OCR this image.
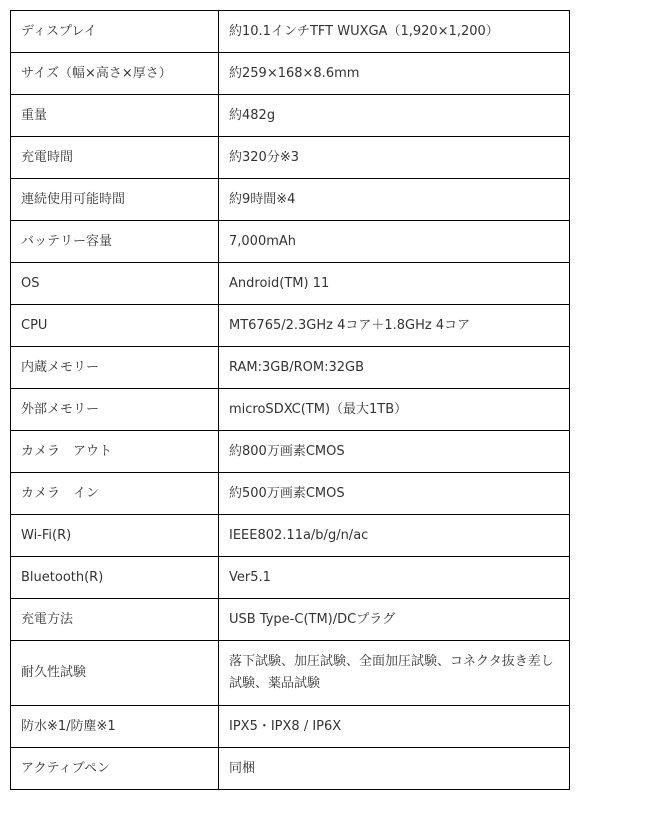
ディスプレイ	約10.1インチTFT WUXGA（1,920×1,200）
サイズ（幅×高さ×厚さ）	約259×168×8.6mm
重量	約482g
充電時間	約320分※3
連続使用可能時間	約9時間※4
バッテリー容量	7,000mAh
OS	Android(TM) 11
CPU	MT6765/2.3GHz 4コア＋1.8GHz 4コア
内蔵メモリー	RAM:3GB/ROM:32GB
外部メモリー	microSDXC(TM)（最大1TB）
カメラ　アウト	約800万画素CMOS
カメラ　イン	約500万画素CMOS
Wi-Fi(R)	IEEE802.11a/b/g/n/ac
Bluetooth(R)	Ver5.1
充電方法	USB Type-C(TM)/DCプラグ
耐久性試験	落下試験、加圧試験、全面加圧試験、コネクタ抜き差し試験、薬品試験
防水※1/防塵※1	IPX5・IPX8 / IP6X
アクティブペン	同梱
